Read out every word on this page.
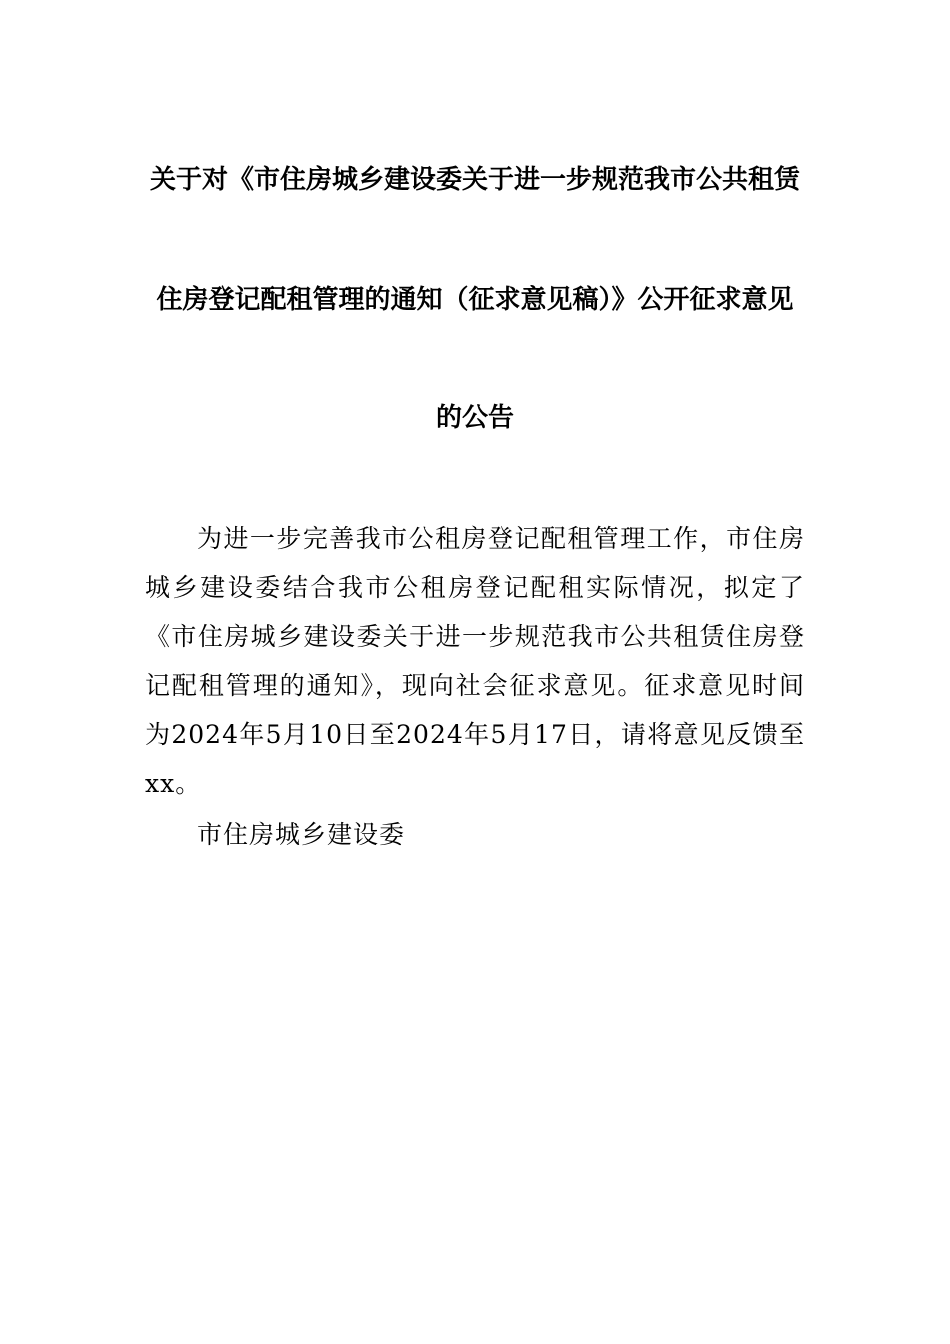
关于对《市住房城乡建设委关于进一步规范我市公共租赁
住房登记配租管理的通知（征求意见稿）》公开征求意见
的公告

为进一步完善我市公租房登记配租管理工作，市住房城乡建设委结合我市公租房登记配租实际情况，拟定了《市住房城乡建设委关于进一步规范我市公共租赁住房登记配租管理的通知》，现向社会征求意见。征求意见时间为2024年5月10日至2024年5月17日，请将意见反馈至xx。

市住房城乡建设委
